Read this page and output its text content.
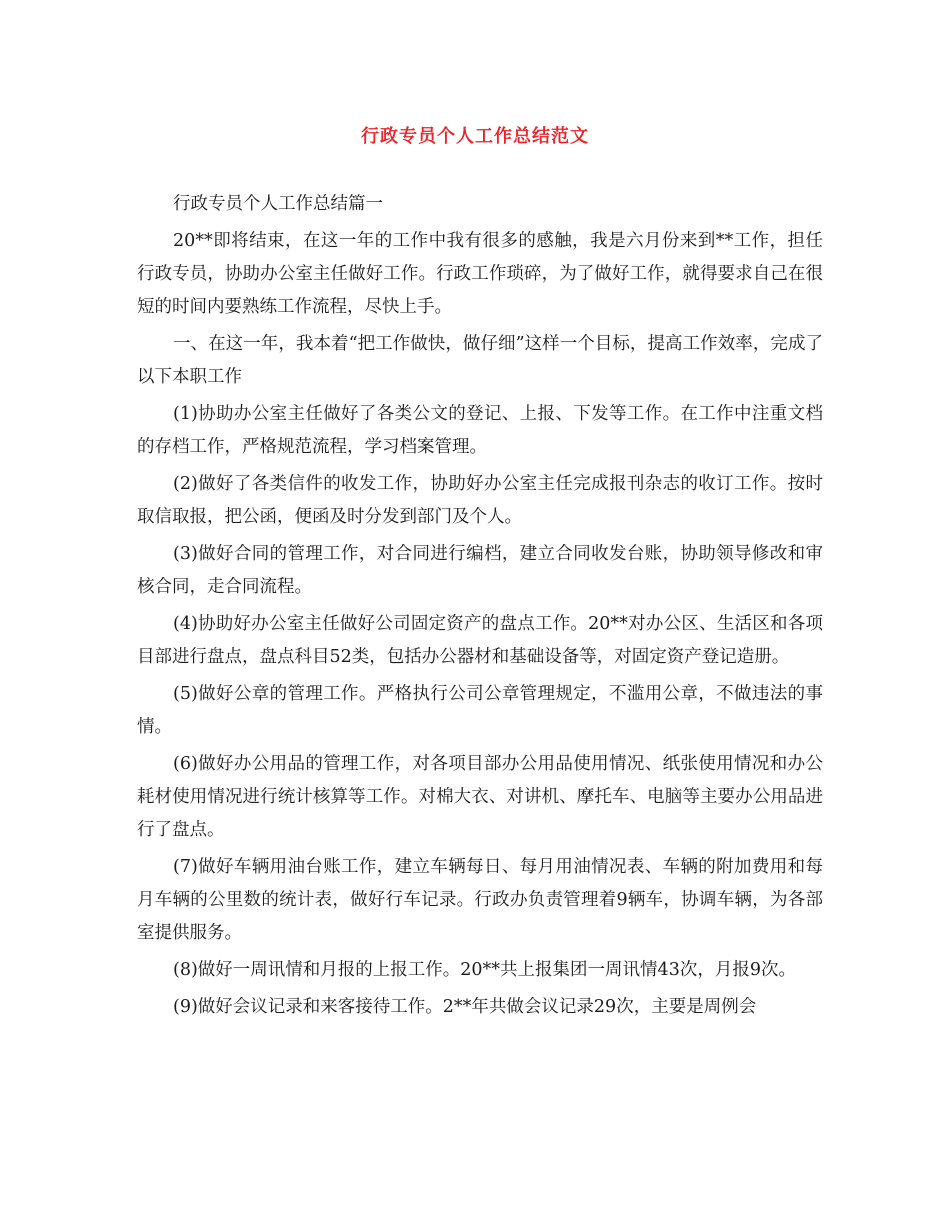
行政专员个人工作总结范文

行政专员个人工作总结篇一

20**即将结束，在这一年的工作中我有很多的感触，我是六月份来到**工作，担任行政专员，协助办公室主任做好工作。行政工作琐碎，为了做好工作，就得要求自己在很短的时间内要熟练工作流程，尽快上手。

一、在这一年，我本着“把工作做快，做仔细”这样一个目标，提高工作效率，完成了以下本职工作

(1)协助办公室主任做好了各类公文的登记、上报、下发等工作。在工作中注重文档的存档工作，严格规范流程，学习档案管理。

(2)做好了各类信件的收发工作，协助好办公室主任完成报刊杂志的收订工作。按时取信取报，把公函，便函及时分发到部门及个人。

(3)做好合同的管理工作，对合同进行编档，建立合同收发台账，协助领导修改和审核合同，走合同流程。

(4)协助好办公室主任做好公司固定资产的盘点工作。20**对办公区、生活区和各项目部进行盘点，盘点科目52类，包括办公器材和基础设备等，对固定资产登记造册。

(5)做好公章的管理工作。严格执行公司公章管理规定，不滥用公章，不做违法的事情。

(6)做好办公用品的管理工作，对各项目部办公用品使用情况、纸张使用情况和办公耗材使用情况进行统计核算等工作。对棉大衣、对讲机、摩托车、电脑等主要办公用品进行了盘点。

(7)做好车辆用油台账工作，建立车辆每日、每月用油情况表、车辆的附加费用和每月车辆的公里数的统计表，做好行车记录。行政办负责管理着9辆车，协调车辆，为各部室提供服务。

(8)做好一周讯情和月报的上报工作。20**共上报集团一周讯情43次，月报9次。

(9)做好会议记录和来客接待工作。2**年共做会议记录29次，主要是周例会
